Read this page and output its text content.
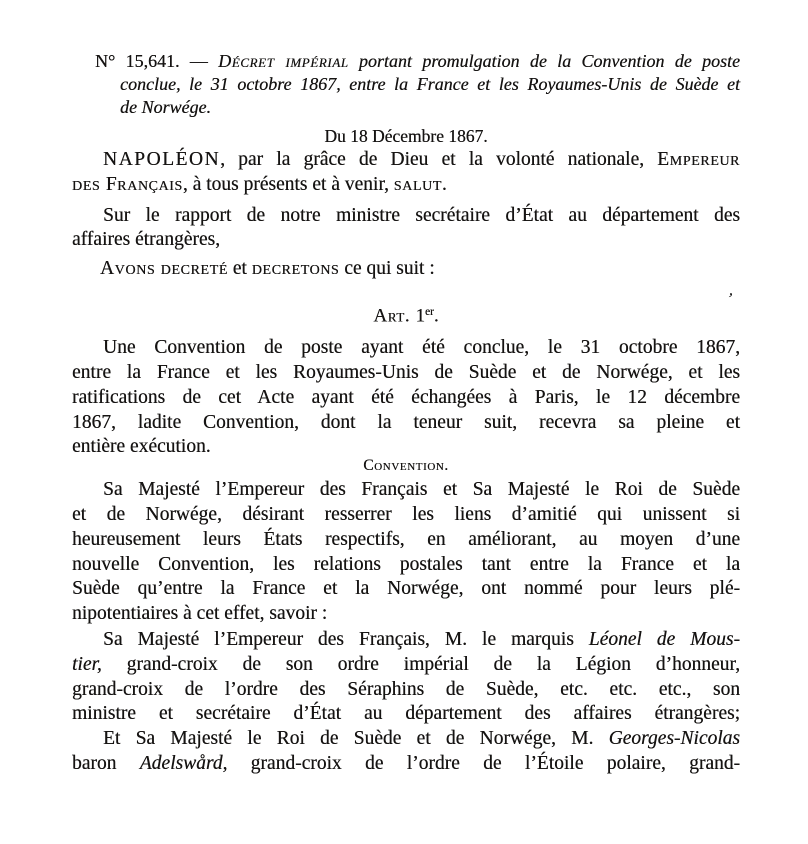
‚
N° 15,641. — Décret impérial portant promulgation de la Convention de poste
conclue, le 31 octobre 1867, entre la France et les Royaumes-Unis de Suède et
de Norwége.
Du 18 Décembre 1867.
NAPOLÉON, par la grâce de Dieu et la volonté nationale, Empereur
des Français, à tous présents et à venir, salut.
Sur le rapport de notre ministre secrétaire d’État au département des
affaires étrangères,
Avons decreté et decretons ce qui suit :
Art. 1er.
Une Convention de poste ayant été conclue, le 31 octobre 1867,
entre la France et les Royaumes-Unis de Suède et de Norwége, et les
ratifications de cet Acte ayant été échangées à Paris, le 12 décembre
1867, ladite Convention, dont la teneur suit, recevra sa pleine et
entière exécution.
Convention.
Sa Majesté l’Empereur des Français et Sa Majesté le Roi de Suède
et de Norwége, désirant resserrer les liens d’amitié qui unissent si
heureusement leurs États respectifs, en améliorant, au moyen d’une
nouvelle Convention, les relations postales tant entre la France et la
Suède qu’entre la France et la Norwége, ont nommé pour leurs plé-
nipotentiaires à cet effet, savoir :
Sa Majesté l’Empereur des Français, M. le marquis Léonel de Mous-
tier, grand-croix de son ordre impérial de la Légion d’honneur,
grand-croix de l’ordre des Séraphins de Suède, etc. etc. etc., son
ministre et secrétaire d’État au département des affaires étrangères;
Et Sa Majesté le Roi de Suède et de Norwége, M. Georges-Nicolas
baron Adelswård, grand-croix de l’ordre de l’Étoile polaire, grand-
